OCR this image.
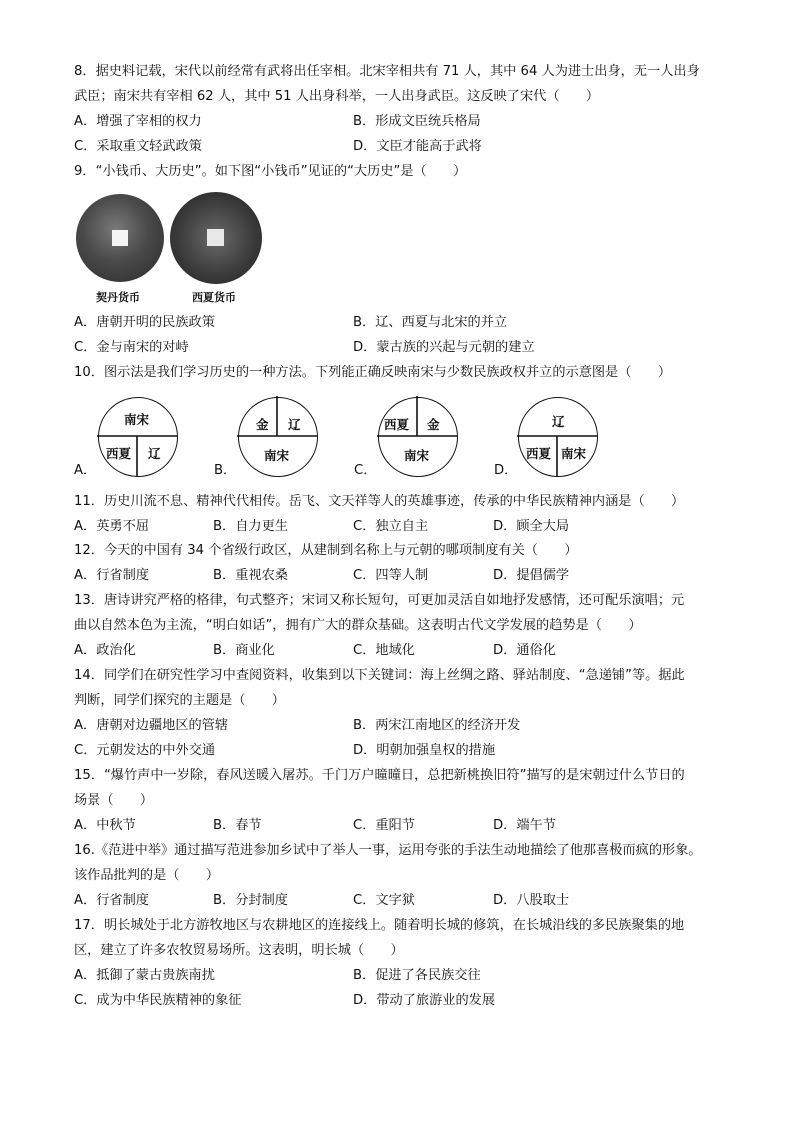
8．据史料记载，宋代以前经常有武将出任宰相。北宋宰相共有 71 人，其中 64 人为进士出身，无一人出身
武臣；南宋共有宰相 62 人，其中 51 人出身科举，一人出身武臣。这反映了宋代（　　）
A．增强了宰相的权力	B．形成文臣统兵格局
C．采取重文轻武政策	D．文臣才能高于武将
9．“小钱币、大历史”。如下图“小钱币”见证的“大历史”是（　　）
契丹货币	西夏货币
A．唐朝开明的民族政策	B．辽、西夏与北宋的并立
C．金与南宋的对峙	D．蒙古族的兴起与元朝的建立
10．图示法是我们学习历史的一种方法。下列能正确反映南宋与少数民族政权并立的示意图是（　　）
南宋
西夏 辽
A．
金 辽
南宋
B．
西夏 金
南宋
C．
辽
西夏 南宋
D．
11．历史川流不息、精神代代相传。岳飞、文天祥等人的英雄事迹，传承的中华民族精神内涵是（　　）
A．英勇不屈	B．自力更生	C．独立自主	D．顾全大局
12．今天的中国有 34 个省级行政区，从建制到名称上与元朝的哪项制度有关（　　）
A．行省制度	B．重视农桑	C．四等人制	D．提倡儒学
13．唐诗讲究严格的格律，句式整齐；宋词又称长短句，可更加灵活自如地抒发感情，还可配乐演唱；元
曲以自然本色为主流，“明白如话”，拥有广大的群众基础。这表明古代文学发展的趋势是（　　）
A．政治化	B．商业化	C．地域化	D．通俗化
14．同学们在研究性学习中查阅资料，收集到以下关键词：海上丝绸之路、驿站制度、“急递铺”等。据此
判断，同学们探究的主题是（　　）
A．唐朝对边疆地区的管辖	B．两宋江南地区的经济开发
C．元朝发达的中外交通	D．明朝加强皇权的措施
15．“爆竹声中一岁除，春风送暖入屠苏。千门万户曈曈日，总把新桃换旧符”描写的是宋朝过什么节日的
场景（　　）
A．中秋节	B．春节	C．重阳节	D．端午节
16.《范进中举》通过描写范进参加乡试中了举人一事，运用夸张的手法生动地描绘了他那喜极而疯的形象。
该作品批判的是（　　）
A．行省制度	B．分封制度	C．文字狱	D．八股取士
17．明长城处于北方游牧地区与农耕地区的连接线上。随着明长城的修筑，在长城沿线的多民族聚集的地
区，建立了许多农牧贸易场所。这表明，明长城（　　）
A．抵御了蒙古贵族南扰	B．促进了各民族交往
C．成为中华民族精神的象征	D．带动了旅游业的发展
